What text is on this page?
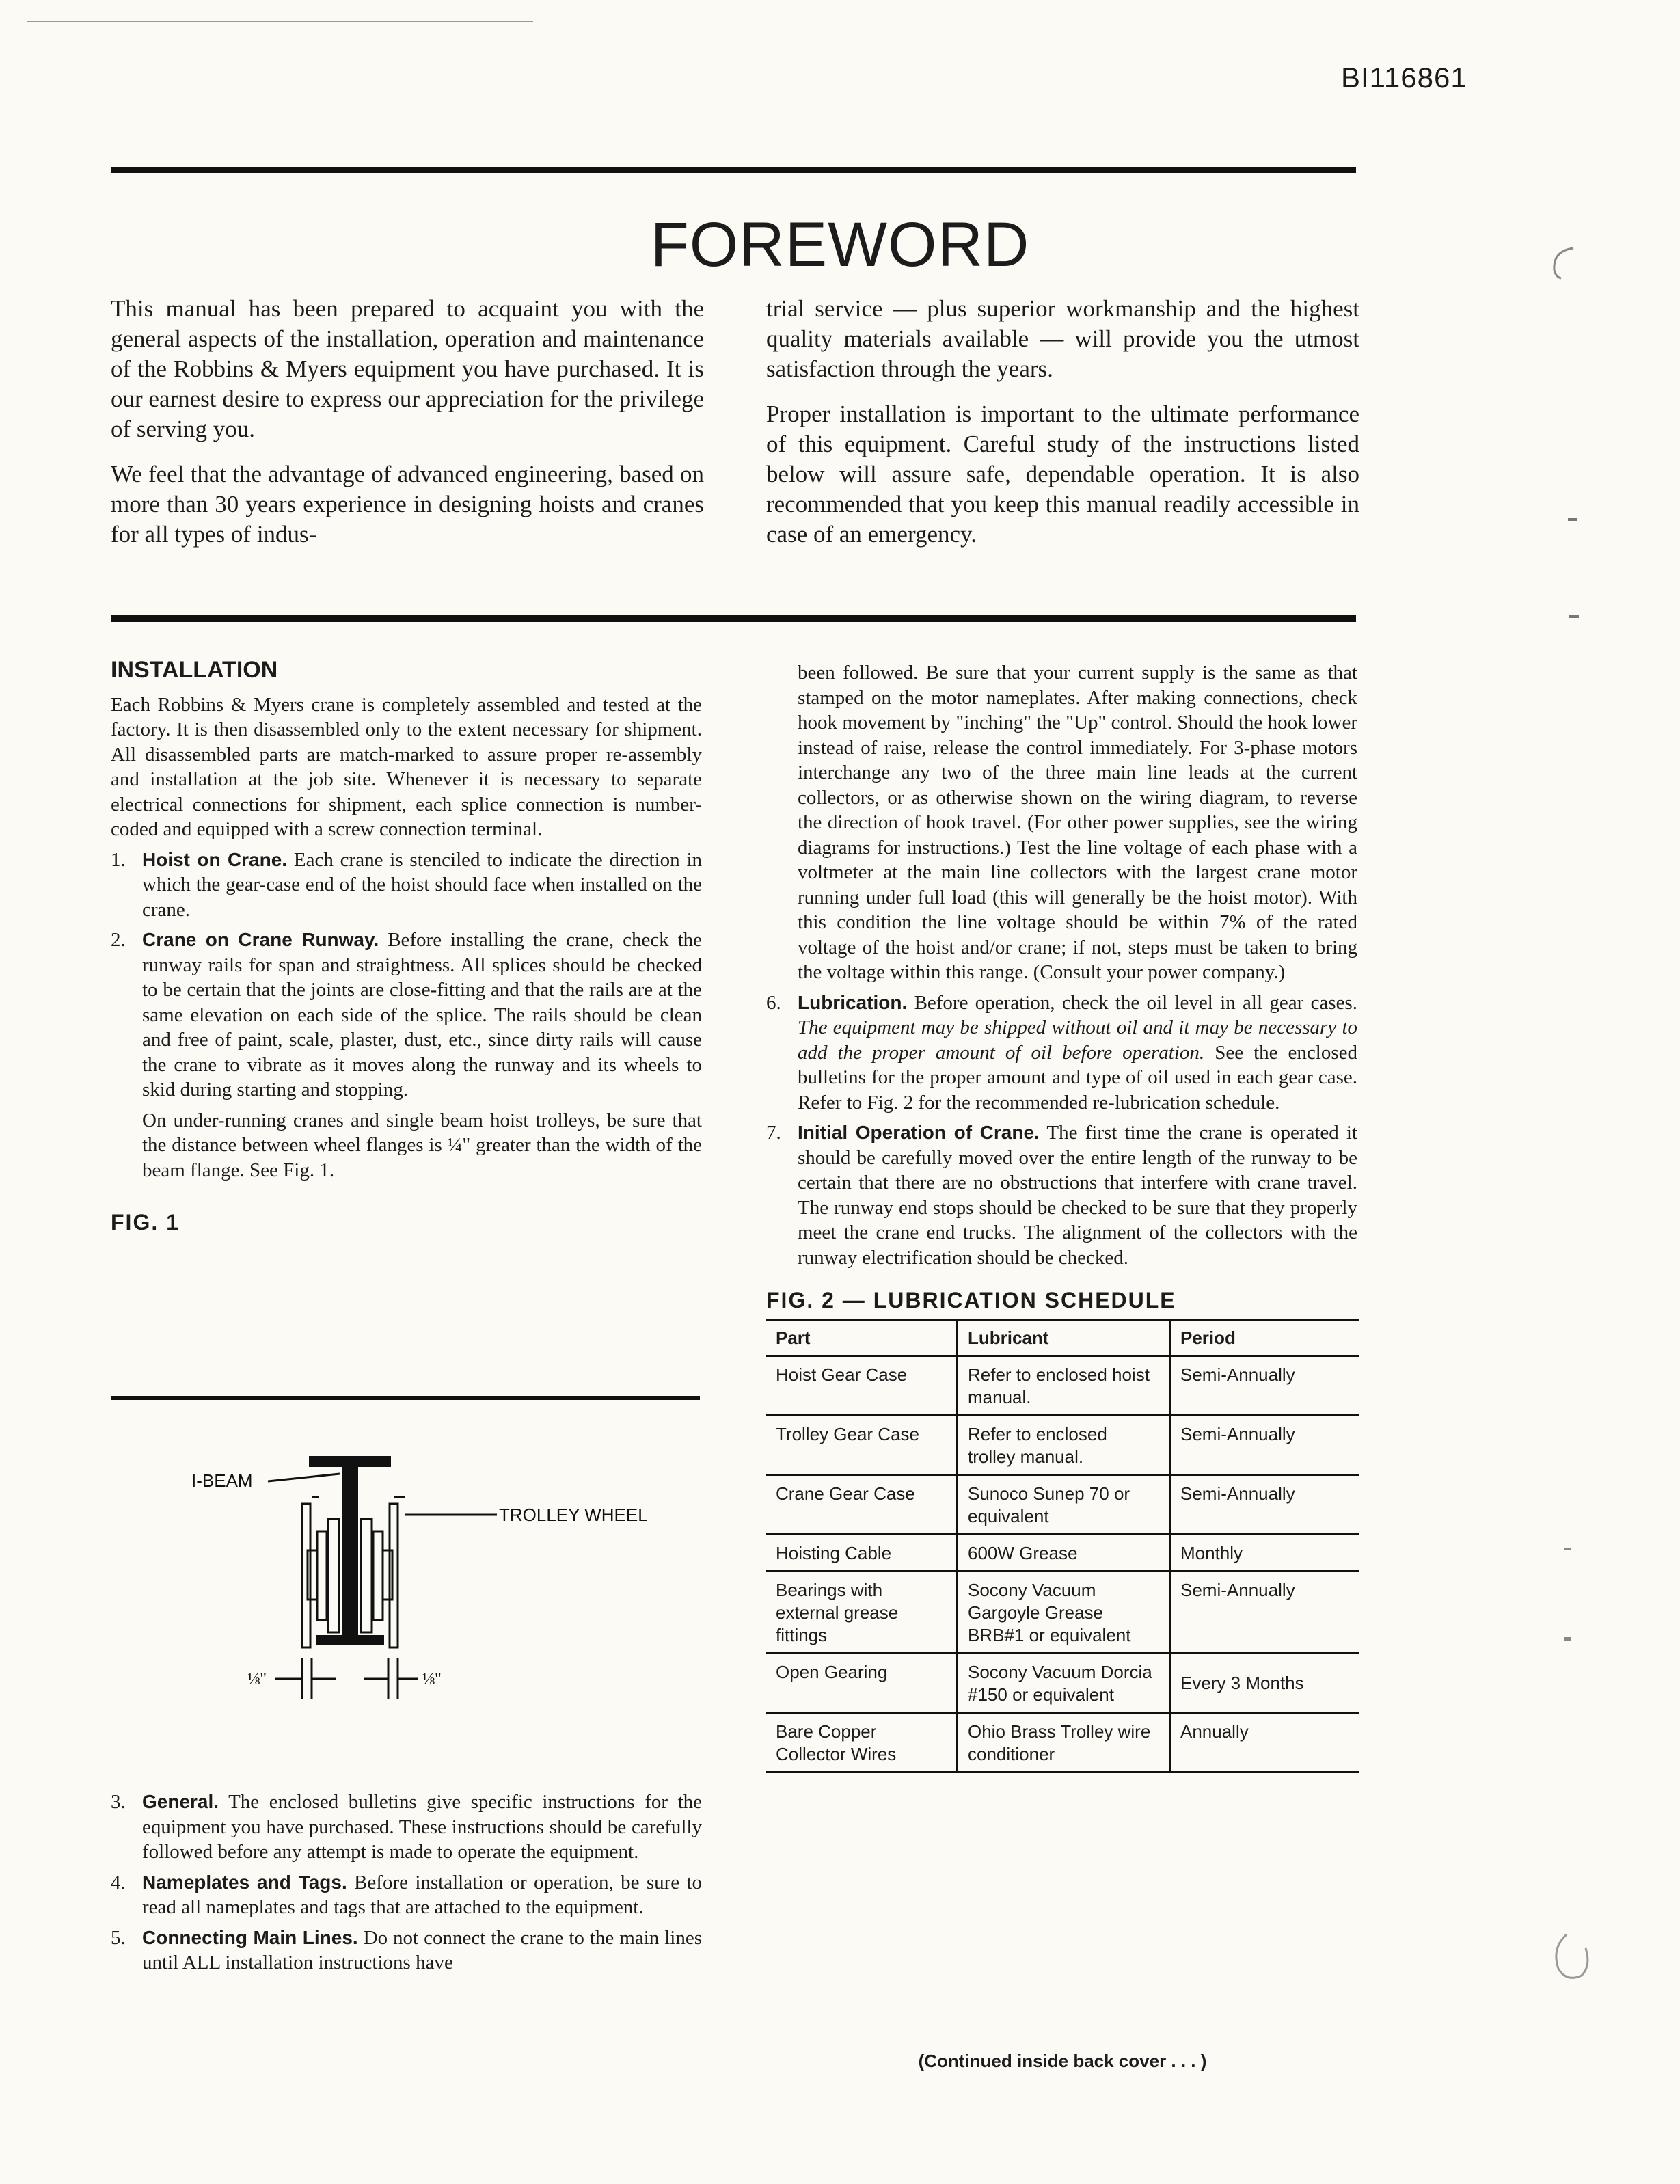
BI116861
FOREWORD

This manual has been prepared to acquaint you with the general aspects of the installation, operation and maintenance of the Robbins & Myers equipment you have purchased. It is our earnest desire to express our appreciation for the privilege of serving you.

We feel that the advantage of advanced engineering, based on more than 30 years experience in designing hoists and cranes for all types of indus-

trial service — plus superior workmanship and the highest quality materials available — will provide you the utmost satisfaction through the years.

Proper installation is important to the ultimate performance of this equipment. Careful study of the instructions listed below will assure safe, dependable operation. It is also recommended that you keep this manual readily accessible in case of an emergency.

INSTALLATION

Each Robbins & Myers crane is completely assembled and tested at the factory. It is then disassembled only to the extent necessary for shipment. All disassembled parts are match-marked to assure proper re-assembly and installation at the job site. Whenever it is necessary to separate electrical connections for shipment, each splice connection is number-coded and equipped with a screw connection terminal.

1. Hoist on Crane. Each crane is stenciled to indicate the direction in which the gear-case end of the hoist should face when installed on the crane.
2. Crane on Crane Runway. Before installing the crane, check the runway rails for span and straightness. All splices should be checked to be certain that the joints are close-fitting and that the rails are at the same elevation on each side of the splice. The rails should be clean and free of paint, scale, plaster, dust, etc., since dirty rails will cause the crane to vibrate as it moves along the runway and its wheels to skid during starting and stopping.
On under-running cranes and single beam hoist trolleys, be sure that the distance between wheel flanges is ¼" greater than the width of the beam flange. See Fig. 1.
FIG. 1
I-BEAM
TROLLEY WHEEL
⅛"	⅛"
3. General. The enclosed bulletins give specific instructions for the equipment you have purchased. These instructions should be carefully followed before any attempt is made to operate the equipment.
4. Nameplates and Tags. Before installation or operation, be sure to read all nameplates and tags that are attached to the equipment.
5. Connecting Main Lines. Do not connect the crane to the main lines until ALL installation instructions have
been followed. Be sure that your current supply is the same as that stamped on the motor nameplates. After making connections, check hook movement by "inching" the "Up" control. Should the hook lower instead of raise, release the control immediately. For 3-phase motors interchange any two of the three main line leads at the current collectors, or as otherwise shown on the wiring diagram, to reverse the direction of hook travel. (For other power supplies, see the wiring diagrams for instructions.) Test the line voltage of each phase with a voltmeter at the main line collectors with the largest crane motor running under full load (this will generally be the hoist motor). With this condition the line voltage should be within 7% of the rated voltage of the hoist and/or crane; if not, steps must be taken to bring the voltage within this range. (Consult your power company.)
6. Lubrication. Before operation, check the oil level in all gear cases. The equipment may be shipped without oil and it may be necessary to add the proper amount of oil before operation. See the enclosed bulletins for the proper amount and type of oil used in each gear case. Refer to Fig. 2 for the recommended re-lubrication schedule.
7. Initial Operation of Crane. The first time the crane is operated it should be carefully moved over the entire length of the runway to be certain that there are no obstructions that interfere with crane travel. The runway end stops should be checked to be sure that they properly meet the crane end trucks. The alignment of the collectors with the runway electrification should be checked.
FIG. 2 — LUBRICATION SCHEDULE
Part	Lubricant	Period
Hoist Gear Case	Refer to enclosed hoist manual.	Semi-Annually
Trolley Gear Case	Refer to enclosed trolley manual.	Semi-Annually
Crane Gear Case	Sunoco Sunep 70 or equivalent	Semi-Annually
Hoisting Cable	600W Grease	Monthly
Bearings with external grease fittings	Socony Vacuum Gargoyle Grease BRB#1 or equivalent	Semi-Annually
Open Gearing	Socony Vacuum Dorcia #150 or equivalent	Every 3 Months
Bare Copper Collector Wires	Ohio Brass Trolley wire conditioner	Annually
(Continued inside back cover . . . )
